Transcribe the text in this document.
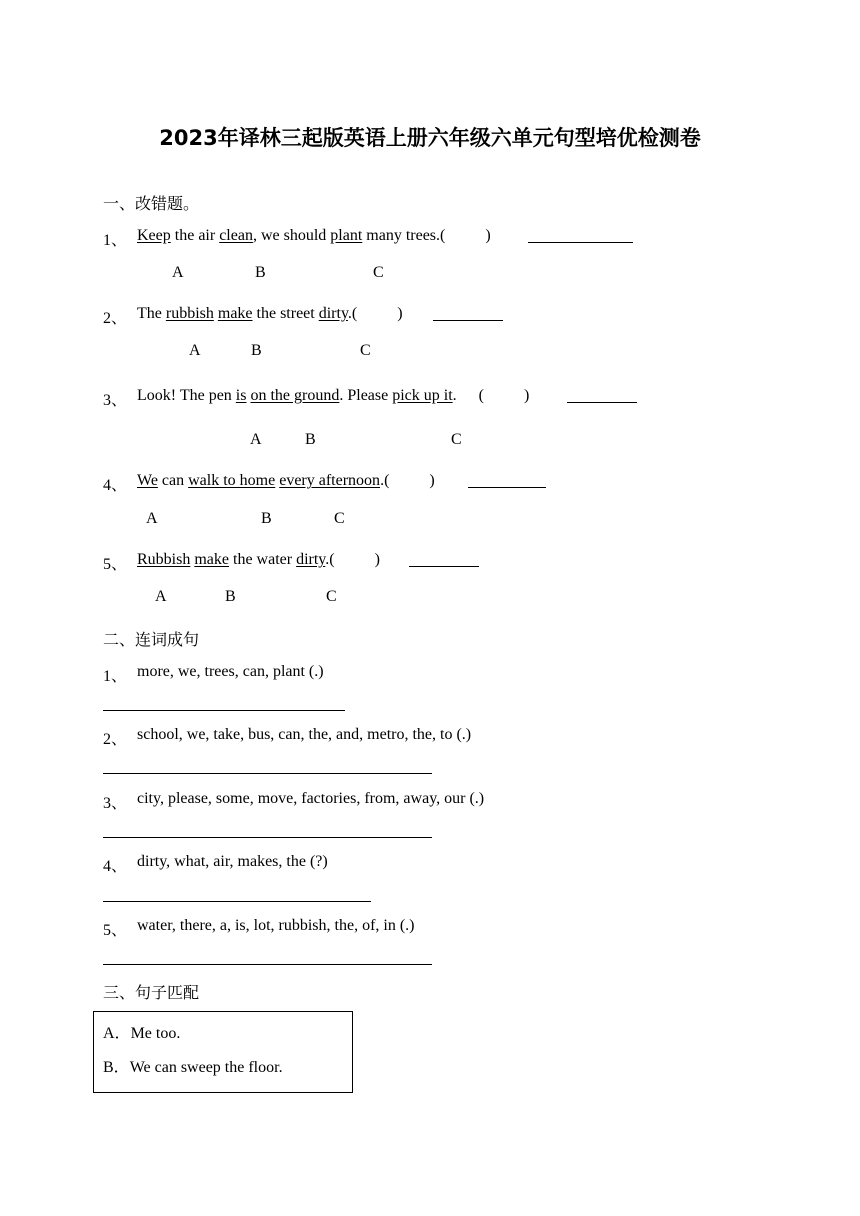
2023年译林三起版英语上册六年级六单元句型培优检测卷
一、改错题。
1、 Keep the air clean, we should plant many trees.(	)
A	B	C
2、 The rubbish make the street dirty.(	)
A	B	C
3、 Look! The pen is on the ground. Please pick up it. (	)
A	B	C
4、 We can walk to home every afternoon.(	)
A	B	C
5、 Rubbish make the water dirty.(	)
A	B	C
二、连词成句
1、 more, we, trees, can, plant (.)
2、 school, we, take, bus, can, the, and, metro, the, to (.)
3、 city, please, some, move, factories, from, away, our (.)
4、 dirty, what, air, makes, the (?)
5、 water, there, a, is, lot, rubbish, the, of, in (.)
三、句子匹配
A．Me too.
B．We can sweep the floor.
